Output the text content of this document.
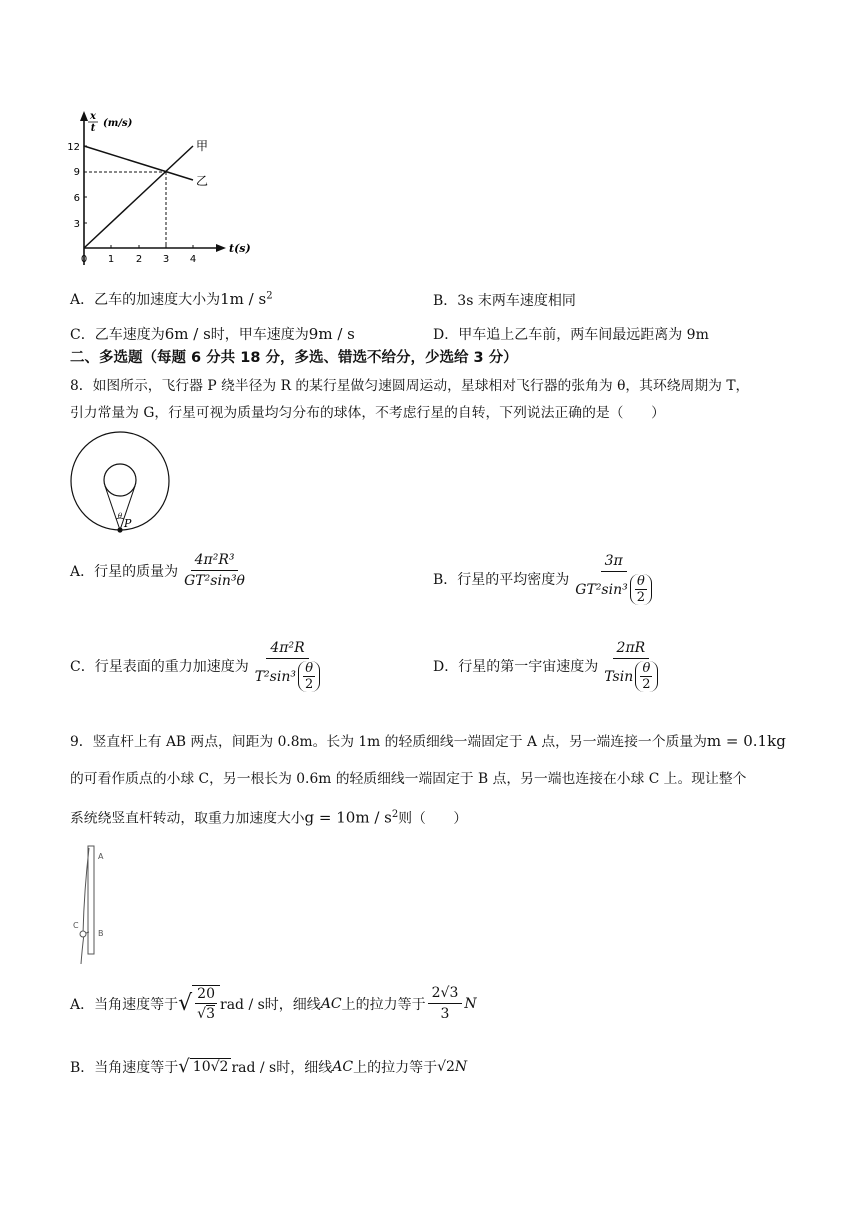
12
9
6
3
0 1 2 3 4
甲
乙
x
t (m/s)
t(s)
A．乙车的加速度大小为$1m / s^2$	B．3s 末两车速度相同
C．乙车速度为6m / s时，甲车速度为9m / s	D．甲车追上乙车前，两车间最远距离为 9m
二、多选题（每题 6 分共 18 分，多选、错选不给分，少选给 3 分）
8．如图所示，飞行器 P 绕半径为 R 的某行星做匀速圆周运动，星球相对飞行器的张角为 θ，其环绕周期为 T，
引力常量为 G，行星可视为质量均匀分布的球体，不考虑行星的自转，下列说法正确的是（　　）
θ
P
A．行星的质量为 $\frac{\text{4π²R³}}{\text{GT²sin³θ}}$	B．行星的平均密度为 3π
GT²sin³ θ
2
C．行星表面的重力加速度为 4π²R
T²sin³ θ
2	D．行星的第一宇宙速度为 2πR
Tsin θ
2
9．竖直杆上有 AB 两点，间距为 0.8m。长为 1m 的轻质细线一端固定于 A 点，另一端连接一个质量为m = 0.1kg
的可看作质点的小球 C，另一根长为 0.6m 的轻质细线一端固定于 B 点，另一端也连接在小球 C 上。现让整个
系统绕竖直杆转动，取重力加速度大小$g = 10m / s^2$则（　　）
A
B
C
A．当角速度等于 √ $\frac{20}{√ 3}$ rad / s时，细线 AC 上的拉力等于 $\frac{2√3}{3}$ N
B．当角速度等于 √ 10√2 rad / s时，细线 AC 上的拉力等于 √2 N
